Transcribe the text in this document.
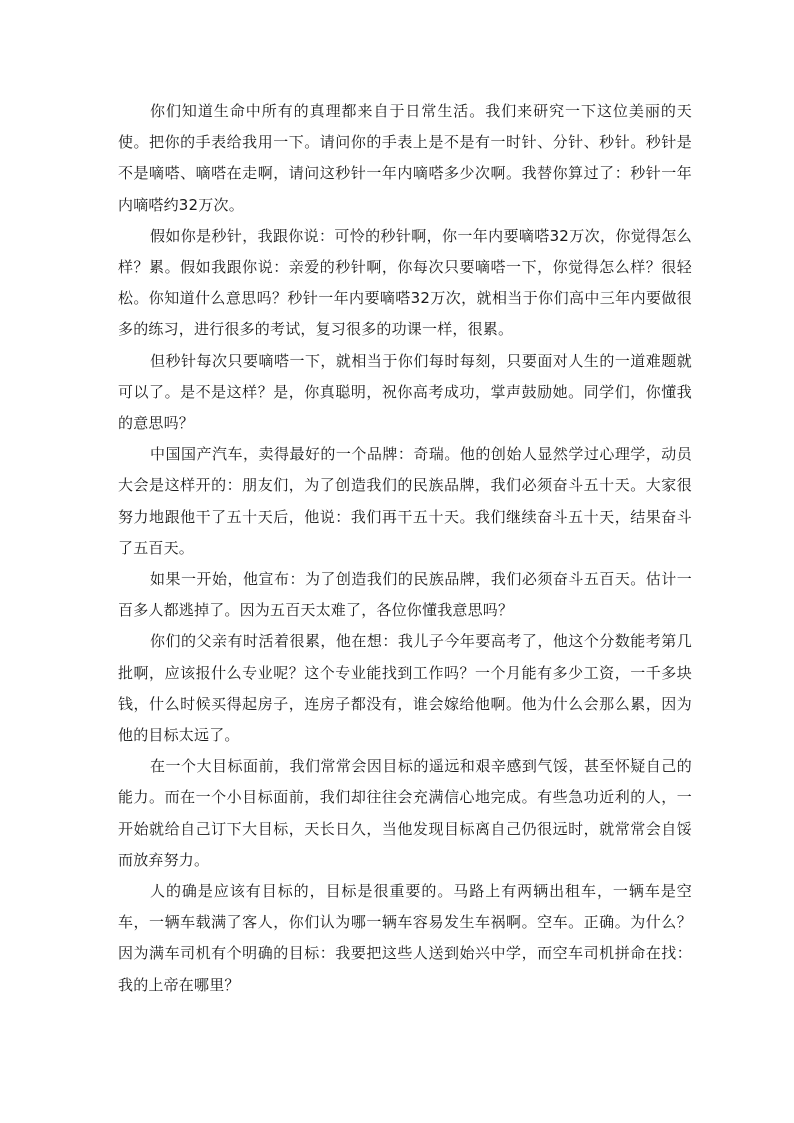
你们知道生命中所有的真理都来自于日常生活。我们来研究一下这位美丽的天使。把你的手表给我用一下。请问你的手表上是不是有一时针、分针、秒针。秒针是不是嘀嗒、嘀嗒在走啊，请问这秒针一年内嘀嗒多少次啊。我替你算过了：秒针一年内嘀嗒约32万次。

假如你是秒针，我跟你说：可怜的秒针啊，你一年内要嘀嗒32万次，你觉得怎么样？累。假如我跟你说：亲爱的秒针啊，你每次只要嘀嗒一下，你觉得怎么样？很轻松。你知道什么意思吗？秒针一年内要嘀嗒32万次，就相当于你们高中三年内要做很多的练习，进行很多的考试，复习很多的功课一样，很累。

但秒针每次只要嘀嗒一下，就相当于你们每时每刻，只要面对人生的一道难题就可以了。是不是这样？是，你真聪明，祝你高考成功，掌声鼓励她。同学们，你懂我的意思吗？

中国国产汽车，卖得最好的一个品牌：奇瑞。他的创始人显然学过心理学，动员大会是这样开的：朋友们，为了创造我们的民族品牌，我们必须奋斗五十天。大家很努力地跟他干了五十天后，他说：我们再干五十天。我们继续奋斗五十天，结果奋斗了五百天。

如果一开始，他宣布：为了创造我们的民族品牌，我们必须奋斗五百天。估计一百多人都逃掉了。因为五百天太难了，各位你懂我意思吗？

你们的父亲有时活着很累，他在想：我儿子今年要高考了，他这个分数能考第几批啊，应该报什么专业呢？这个专业能找到工作吗？一个月能有多少工资，一千多块钱，什么时候买得起房子，连房子都没有，谁会嫁给他啊。他为什么会那么累，因为他的目标太远了。

在一个大目标面前，我们常常会因目标的遥远和艰辛感到气馁，甚至怀疑自己的能力。而在一个小目标面前，我们却往往会充满信心地完成。有些急功近利的人，一开始就给自己订下大目标，天长日久，当他发现目标离自己仍很远时，就常常会自馁而放弃努力。

人的确是应该有目标的，目标是很重要的。马路上有两辆出租车，一辆车是空车，一辆车载满了客人，你们认为哪一辆车容易发生车祸啊。空车。正确。为什么？因为满车司机有个明确的目标：我要把这些人送到始兴中学，而空车司机拼命在找：我的上帝在哪里？
